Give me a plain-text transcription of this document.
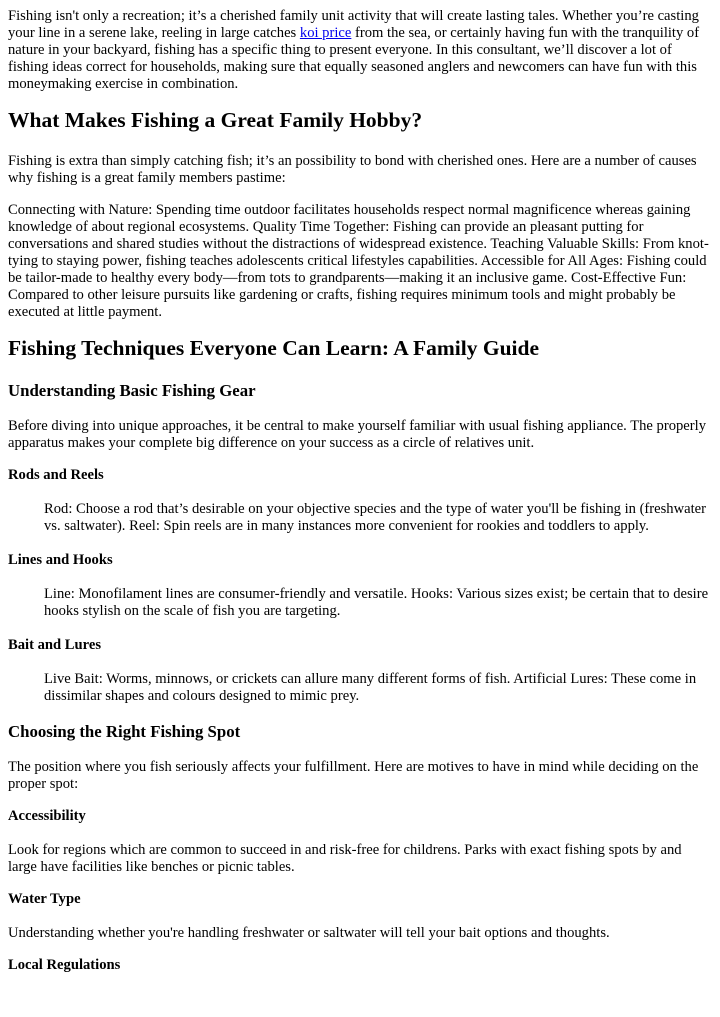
Fishing isn't only a recreation; it’s a cherished family unit activity that will create lasting tales. Whether you’re casting your line in a serene lake, reeling in large catches koi price from the sea, or certainly having fun with the tranquility of nature in your backyard, fishing has a specific thing to present everyone. In this consultant, we’ll discover a lot of fishing ideas correct for households, making sure that equally seasoned anglers and newcomers can have fun with this moneymaking exercise in combination.

What Makes Fishing a Great Family Hobby?

Fishing is extra than simply catching fish; it’s an possibility to bond with cherished ones. Here are a number of causes why fishing is a great family members pastime:

Connecting with Nature: Spending time outdoor facilitates households respect normal magnificence whereas gaining knowledge of about regional ecosystems. Quality Time Together: Fishing can provide an pleasant putting for conversations and shared studies without the distractions of widespread existence. Teaching Valuable Skills: From knot-tying to staying power, fishing teaches adolescents critical lifestyles capabilities. Accessible for All Ages: Fishing could be tailor-made to healthy every body—from tots to grandparents—making it an inclusive game. Cost-Effective Fun: Compared to other leisure pursuits like gardening or crafts, fishing requires minimum tools and might probably be executed at little payment.

Fishing Techniques Everyone Can Learn: A Family Guide
Understanding Basic Fishing Gear

Before diving into unique approaches, it be central to make yourself familiar with usual fishing appliance. The properly apparatus makes your complete big difference on your success as a circle of relatives unit.

Rods and Reels
Rod: Choose a rod that’s desirable on your objective species and the type of water you'll be fishing in (freshwater vs. saltwater). Reel: Spin reels are in many instances more convenient for rookies and toddlers to apply.
Lines and Hooks
Line: Monofilament lines are consumer-friendly and versatile. Hooks: Various sizes exist; be certain that to desire hooks stylish on the scale of fish you are targeting.
Bait and Lures
Live Bait: Worms, minnows, or crickets can allure many different forms of fish. Artificial Lures: These come in dissimilar shapes and colours designed to mimic prey.
Choosing the Right Fishing Spot

The position where you fish seriously affects your fulfillment. Here are motives to have in mind while deciding on the proper spot:

Accessibility

Look for regions which are common to succeed in and risk-free for childrens. Parks with exact fishing spots by and large have facilities like benches or picnic tables.

Water Type

Understanding whether you're handling freshwater or saltwater will tell your bait options and thoughts.

Local Regulations
